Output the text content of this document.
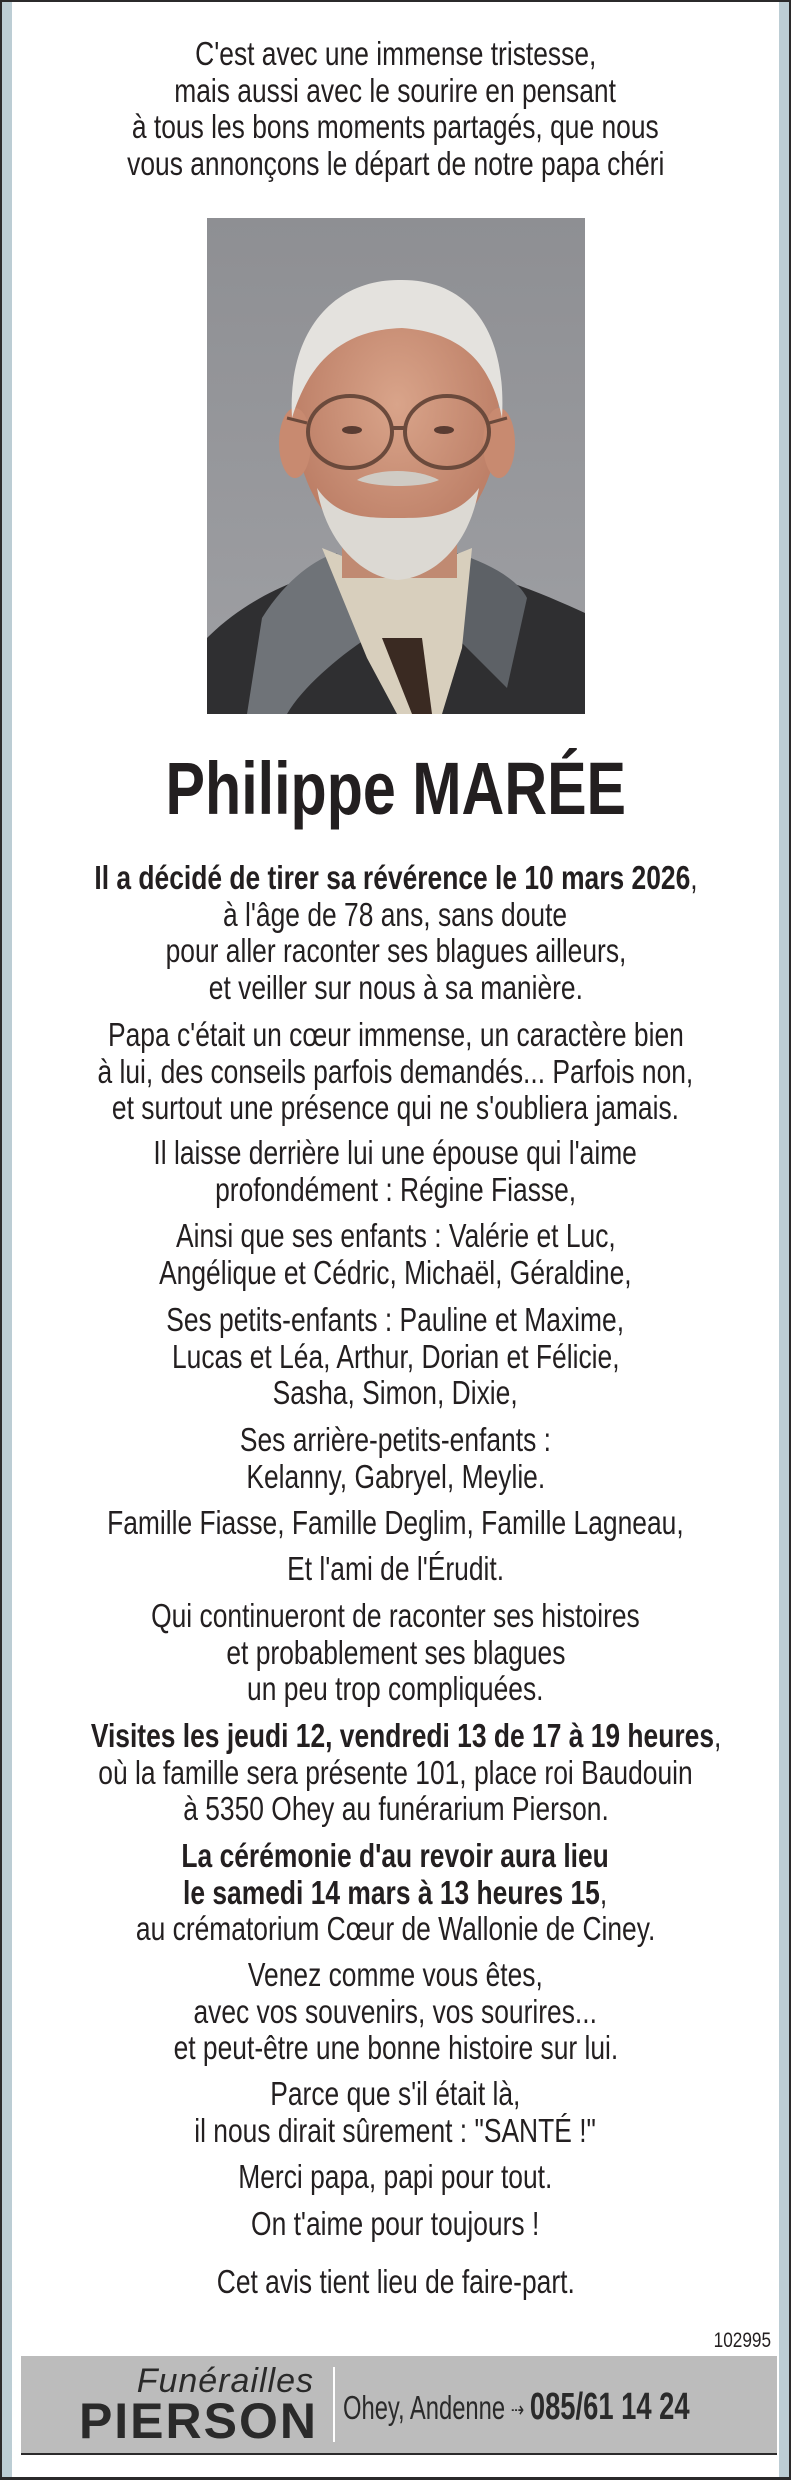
C'est avec une immense tristesse,
mais aussi avec le sourire en pensant
à tous les bons moments partagés, que nous
vous annonçons le départ de notre papa chéri
Philippe MARÉE
Il a décidé de tirer sa révérence le 10 mars 2026,
à l'âge de 78 ans, sans doute
pour aller raconter ses blagues ailleurs,
et veiller sur nous à sa manière.
Papa c'était un cœur immense, un caractère bien
à lui, des conseils parfois demandés... Parfois non,
et surtout une présence qui ne s'oubliera jamais.
Il laisse derrière lui une épouse qui l'aime
profondément : Régine Fiasse,
Ainsi que ses enfants : Valérie et Luc,
Angélique et Cédric, Michaël, Géraldine,
Ses petits-enfants : Pauline et Maxime,
Lucas et Léa, Arthur, Dorian et Félicie,
Sasha, Simon, Dixie,
Ses arrière-petits-enfants :
Kelanny, Gabryel, Meylie.
Famille Fiasse, Famille Deglim, Famille Lagneau,
Et l'ami de l'Érudit.
Qui continueront de raconter ses histoires
et probablement ses blagues
un peu trop compliquées.
Visites les jeudi 12, vendredi 13 de 17 à 19 heures,
où la famille sera présente 101, place roi Baudouin
à 5350 Ohey au funérarium Pierson.
La cérémonie d'au revoir aura lieu
le samedi 14 mars à 13 heures 15,
au crématorium Cœur de Wallonie de Ciney.
Venez comme vous êtes,
avec vos souvenirs, vos sourires...
et peut-être une bonne histoire sur lui.
Parce que s'il était là,
il nous dirait sûrement : "SANTÉ !"
Merci papa, papi pour tout.
On t'aime pour toujours !
Cet avis tient lieu de faire-part.
102995
Funérailles
PIERSON Ohey, Andenne ⇢ 085/61 14 24
